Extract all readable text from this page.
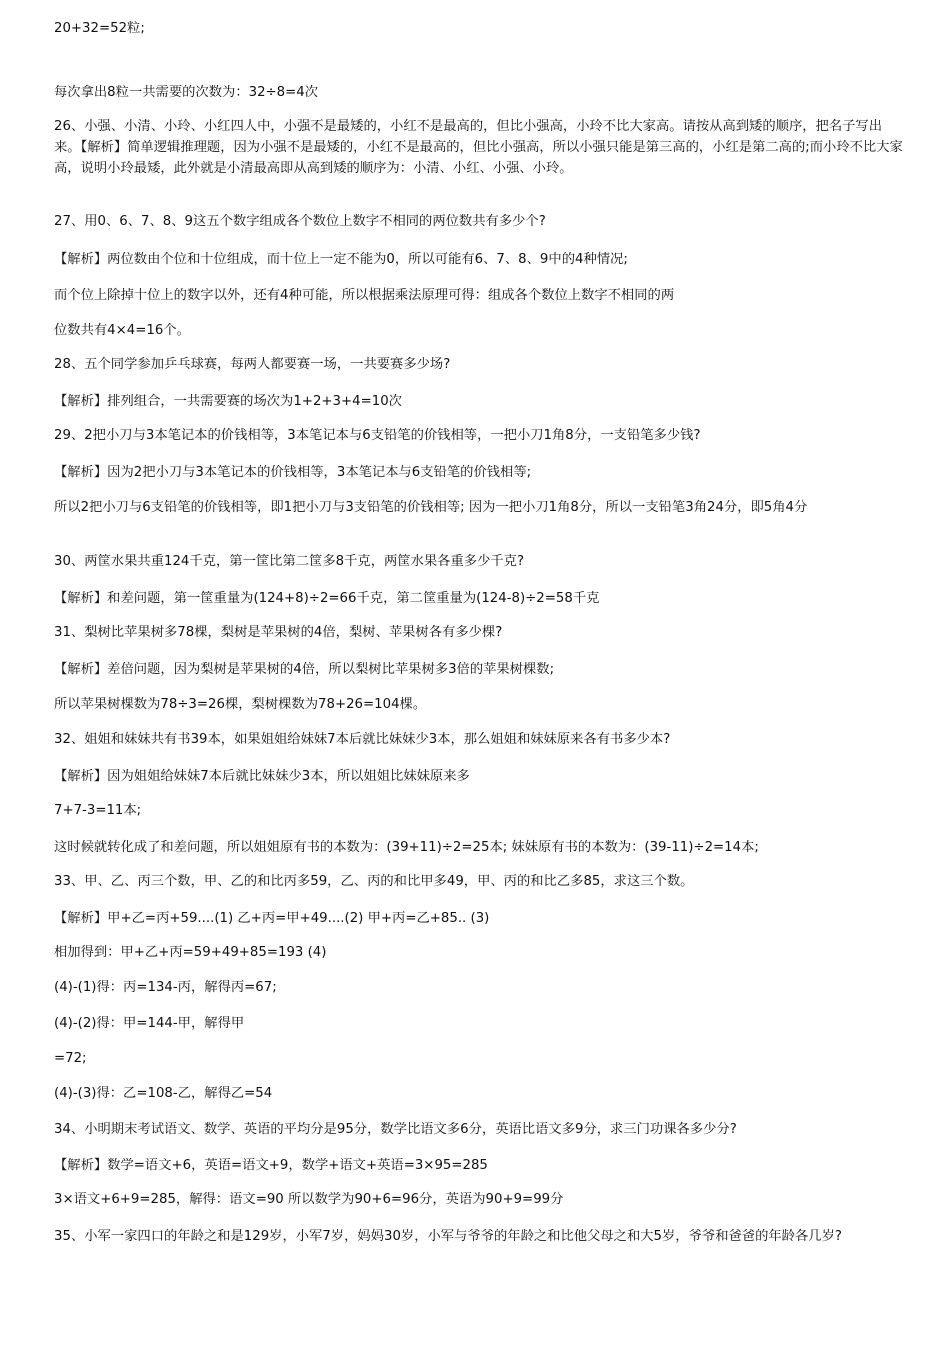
20+32=52粒;
每次拿出8粒一共需要的次数为：32÷8=4次
26、小强、小清、小玲、小红四人中，小强不是最矮的，小红不是最高的，但比小强高，小玲不比大家高。请按从高到矮的顺序，把名子写出来。【解析】简单逻辑推理题，因为小强不是最矮的，小红不是最高的，但比小强高，所以小强只能是第三高的，小红是第二高的;而小玲不比大家高，说明小玲最矮，此外就是小清最高即从高到矮的顺序为：小清、小红、小强、小玲。
27、用0、6、7、8、9这五个数字组成各个数位上数字不相同的两位数共有多少个?
【解析】两位数由个位和十位组成，而十位上一定不能为0，所以可能有6、7、8、9中的4种情况;
而个位上除掉十位上的数字以外，还有4种可能，所以根据乘法原理可得：组成各个数位上数字不相同的两
位数共有4×4=16个。
28、五个同学参加乒乓球赛，每两人都要赛一场，一共要赛多少场?
【解析】排列组合，一共需要赛的场次为1+2+3+4=10次
29、2把小刀与3本笔记本的价钱相等，3本笔记本与6支铅笔的价钱相等，一把小刀1角8分，一支铅笔多少钱?
【解析】因为2把小刀与3本笔记本的价钱相等，3本笔记本与6支铅笔的价钱相等;
所以2把小刀与6支铅笔的价钱相等，即1把小刀与3支铅笔的价钱相等; 因为一把小刀1角8分，所以一支铅笔3角24分，即5角4分
30、两筐水果共重124千克，第一筐比第二筐多8千克，两筐水果各重多少千克?
【解析】和差问题，第一筐重量为(124+8)÷2=66千克，第二筐重量为(124-8)÷2=58千克
31、梨树比苹果树多78棵，梨树是苹果树的4倍，梨树、苹果树各有多少棵?
【解析】差倍问题，因为梨树是苹果树的4倍，所以梨树比苹果树多3倍的苹果树棵数;
所以苹果树棵数为78÷3=26棵，梨树棵数为78+26=104棵。
32、姐姐和妹妹共有书39本，如果姐姐给妹妹7本后就比妹妹少3本，那么姐姐和妹妹原来各有书多少本?
【解析】因为姐姐给妹妹7本后就比妹妹少3本，所以姐姐比妹妹原来多
7+7-3=11本;
这时候就转化成了和差问题，所以姐姐原有书的本数为：(39+11)÷2=25本; 妹妹原有书的本数为：(39-11)÷2=14本;
33、甲、乙、丙三个数，甲、乙的和比丙多59，乙、丙的和比甲多49，甲、丙的和比乙多85，求这三个数。
【解析】甲+乙=丙+59....(1) 乙+丙=甲+49....(2) 甲+丙=乙+85.. (3)
相加得到：甲+乙+丙=59+49+85=193 (4)
(4)-(1)得：丙=134-丙，解得丙=67;
(4)-(2)得：甲=144-甲，解得甲
=72;
(4)-(3)得：乙=108-乙，解得乙=54
34、小明期末考试语文、数学、英语的平均分是95分，数学比语文多6分，英语比语文多9分，求三门功课各多少分?
【解析】数学=语文+6，英语=语文+9，数学+语文+英语=3×95=285
3×语文+6+9=285，解得：语文=90 所以数学为90+6=96分，英语为90+9=99分
35、小军一家四口的年龄之和是129岁，小军7岁，妈妈30岁，小军与爷爷的年龄之和比他父母之和大5岁，爷爷和爸爸的年龄各几岁?
